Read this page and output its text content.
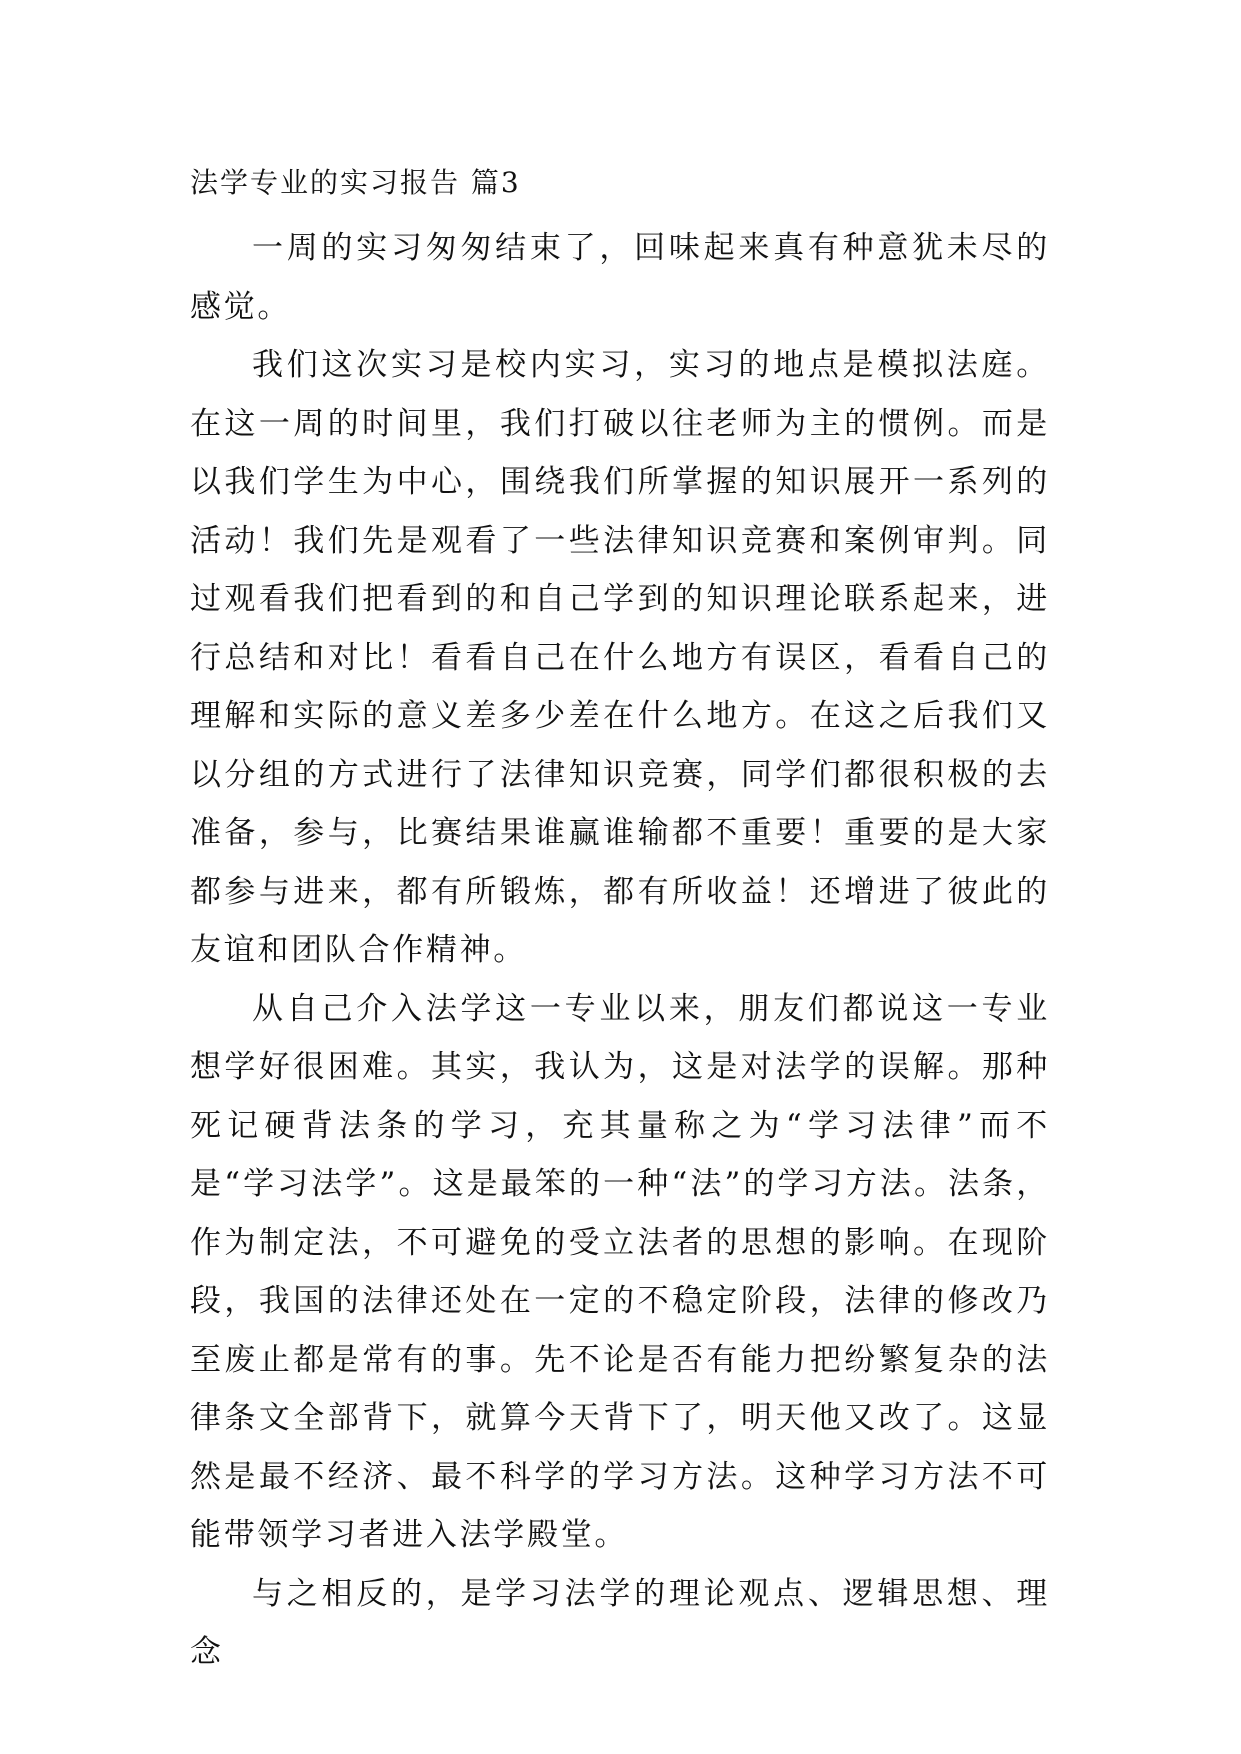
法学专业的实习报告 篇3

一周的实习匆匆结束了，回味起来真有种意犹未尽的感觉。

我们这次实习是校内实习，实习的地点是模拟法庭。在这一周的时间里，我们打破以往老师为主的惯例。而是以我们学生为中心，围绕我们所掌握的知识展开一系列的活动！我们先是观看了一些法律知识竞赛和案例审判。同过观看我们把看到的和自己学到的知识理论联系起来，进行总结和对比！看看自己在什么地方有误区，看看自己的理解和实际的意义差多少差在什么地方。在这之后我们又以分组的方式进行了法律知识竞赛，同学们都很积极的去准备，参与，比赛结果谁赢谁输都不重要！重要的是大家都参与进来，都有所锻炼，都有所收益！还增进了彼此的友谊和团队合作精神。

从自己介入法学这一专业以来，朋友们都说这一专业想学好很困难。其实，我认为，这是对法学的误解。那种死记硬背法条的学习，充其量称之为“学习法律”而不是“学习法学”。这是最笨的一种“法”的学习方法。法条，作为制定法，不可避免的受立法者的思想的影响。在现阶段，我国的法律还处在一定的不稳定阶段，法律的修改乃至废止都是常有的事。先不论是否有能力把纷繁复杂的法律条文全部背下，就算今天背下了，明天他又改了。这显然是最不经济、最不科学的学习方法。这种学习方法不可能带领学习者进入法学殿堂。

与之相反的，是学习法学的理论观点、逻辑思想、理念
